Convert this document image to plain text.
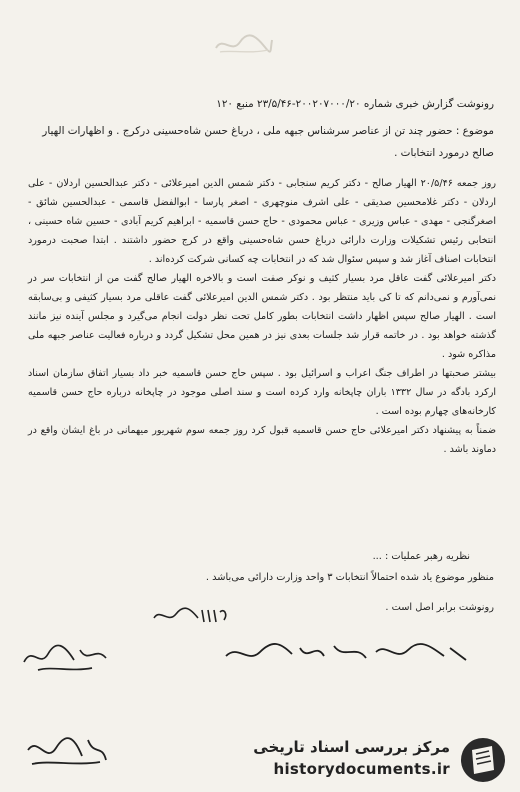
رونوشت گزارش خبری شماره ۲۰۰۲۰۷۰۰۰/۲۰-۲۳/۵/۴۶ منبع ۱۲۰
موضوع : حضور چند تن از عناصر سرشناس جبهه ملی ، درباغ حسن شاه‌حسینی درکرج . و اظهارات الهیار صالح درمورد انتخابات .

روز جمعه ۲۰/۵/۴۶ الهیار صالح - دکتر کریم سنجابی - دکتر شمس الدین امیرعلائی - دکتر عبدالحسین اردلان - علی اردلان - دکتر غلامحسین صدیقی - علی اشرف منوچهری - اصغر پارسا - ابوالفضل قاسمی - عبدالحسین شائق - اصغرگنجی - مهدی - عباس وزیری - عباس محمودی - حاج حسن قاسمیه - ابراهیم کریم آبادی - حسین شاه حسینی ، انتخابی رئیس تشکیلات وزارت دارائی درباغ حسن شاه‌حسینی واقع در کرج حضور داشتند . ابتدا صحبت درمورد انتخابات اصناف آغاز شد و سپس سئوال شد که در انتخابات چه کسانی شرکت کرده‌اند .

دکتر امیرعلائی گفت عاقل مرد بسیار کثیف و نوکر صفت است و بالاخره الهیار صالح گفت من از انتخابات سر در نمی‌آورم و نمی‌دانم که تا کی باید منتظر بود . دکتر شمس الدین امیرعلائی گفت عاقلی مرد بسیار کثیفی و بی‌سابقه است . الهیار صالح سپس اظهار داشت انتخابات بطور کامل تحت نظر دولت انجام می‌گیرد و مجلس آینده نیز مانند گذشته خواهد بود . در خاتمه قرار شد جلسات بعدی نیز در همین محل تشکیل گردد و درباره فعالیت عناصر جبهه ملی مذاکره شود .

بیشتر صحبتها در اطراف جنگ اعراب و اسرائیل بود . سپس حاج حسن قاسمیه خبر داد بسیار اتفاق سازمان اسناد ارکرد بادگه در سال ۱۳۳۲ باران چاپخانه وارد کرده است و سند اصلی موجود در چاپخانه درباره حاج حسن قاسمیه کارخانه‌های چهارم بوده است .

ضمناً به پیشنهاد دکتر امیرعلائی حاج حسن قاسمیه قبول کرد روز جمعه سوم شهریور میهمانی در باغ ایشان واقع در دماوند باشد .

نظریه رهبر عملیات : ...
منظور موضوع یاد شده احتمالاً انتخابات ۳ واحد وزارت دارائی می‌باشد .
رونوشت برابر اصل است .
مرکز بررسی اسناد تاریخی
historydocuments.ir
